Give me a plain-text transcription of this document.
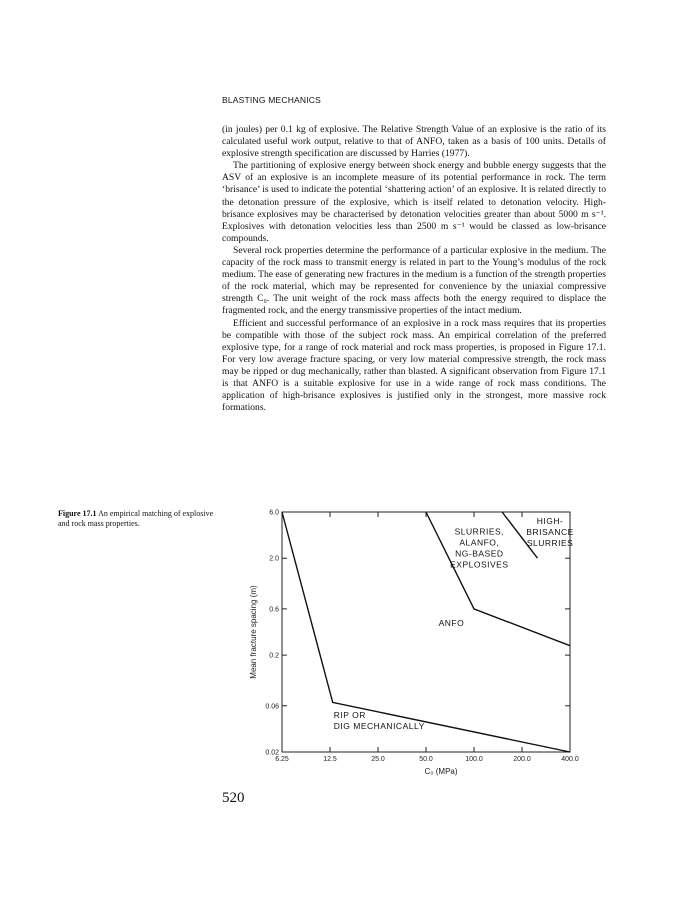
BLASTING MECHANICS

(in joules) per 0.1 kg of explosive. The Relative Strength Value of an explosive is the ratio of its calculated useful work output, relative to that of ANFO, taken as a basis of 100 units. Details of explosive strength specification are discussed by Harries (1977).

The partitioning of explosive energy between shock energy and bubble energy suggests that the ASV of an explosive is an incomplete measure of its potential performance in rock. The term ‘brisance’ is used to indicate the potential ‘shattering action’ of an explosive. It is related directly to the detonation pressure of the explosive, which is itself related to detonation velocity. High-brisance explosives may be characterised by detonation velocities greater than about 5000 m s⁻¹. Explosives with detonation velocities less than 2500 m s⁻¹ would be classed as low-brisance compounds.

Several rock properties determine the performance of a particular explosive in the medium. The capacity of the rock mass to transmit energy is related in part to the Young’s modulus of the rock medium. The ease of generating new fractures in the medium is a function of the strength properties of the rock material, which may be represented for convenience by the uniaxial compressive strength C₀. The unit weight of the rock mass affects both the energy required to displace the fragmented rock, and the energy transmissive properties of the intact medium.

Efficient and successful performance of an explosive in a rock mass requires that its properties be compatible with those of the subject rock mass. An empirical correlation of the preferred explosive type, for a range of rock material and rock mass properties, is proposed in Figure 17.1. For very low average fracture spacing, or very low material compressive strength, the rock mass may be ripped or dug mechanically, rather than blasted. A significant observation from Figure 17.1 is that ANFO is a suitable explosive for use in a wide range of rock mass conditions. The application of high-brisance explosives is justified only in the strongest, more massive rock formations.

Figure 17.1 An empirical matching of explosive and rock mass properties.
6.25	12.5	25.0	50.0	100.0	200.0	400.0
0.02
0.06
0.2
0.6
2.0
6.0
C₀ (MPa)
Mean fracture spacing (m)
RIP OR DIG MECHANICALLY
ANFO
SLURRIES, ALANFO, NG-BASED EXPLOSIVES
HIGH-BRISANCE SLURRIES
520
